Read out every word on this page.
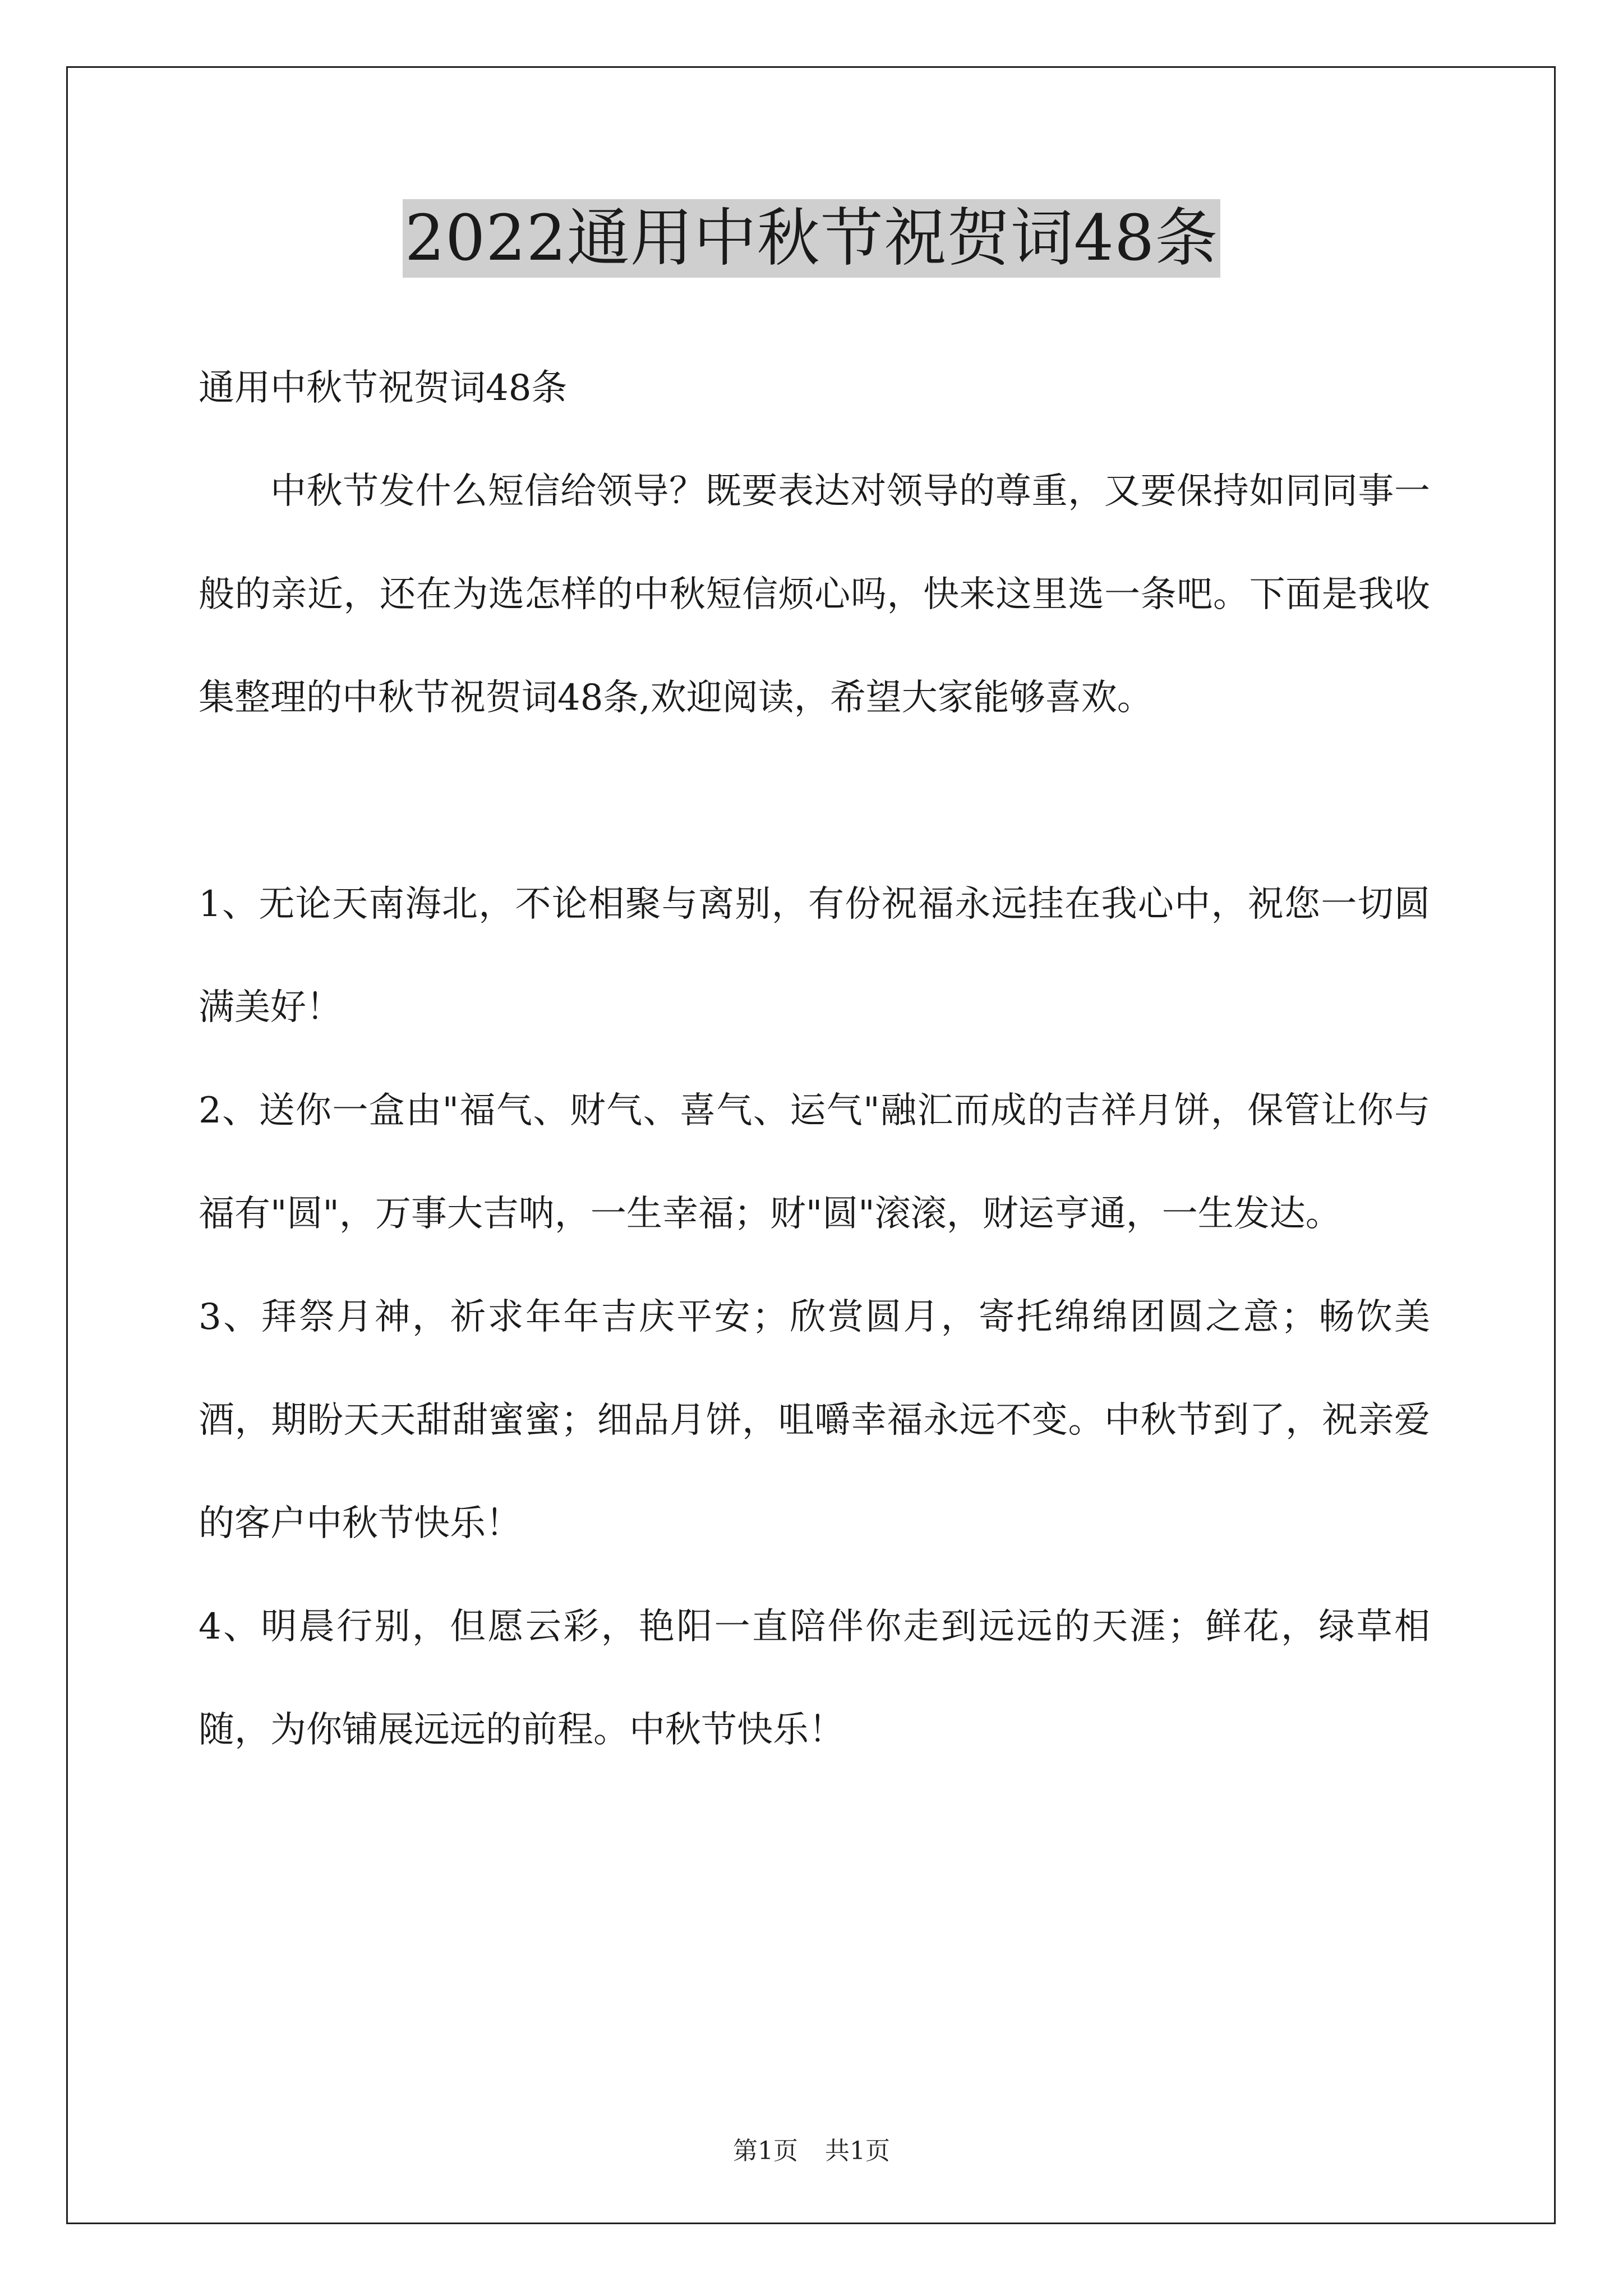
2022通用中秋节祝贺词48条

通用中秋节祝贺词48条

中秋节发什么短信给领导？既要表达对领导的尊重，又要保持如同同事一般的亲近，还在为选怎样的中秋短信烦心吗，快来这里选一条吧。下面是我收集整理的中秋节祝贺词48条,欢迎阅读，希望大家能够喜欢。

1、无论天南海北，不论相聚与离别，有份祝福永远挂在我心中，祝您一切圆满美好！

2、送你一盒由"福气、财气、喜气、运气"融汇而成的吉祥月饼，保管让你与福有"圆"，万事大吉呐，一生幸福；财"圆"滚滚，财运亨通，一生发达。

3、拜祭月神，祈求年年吉庆平安；欣赏圆月，寄托绵绵团圆之意；畅饮美酒，期盼天天甜甜蜜蜜；细品月饼，咀嚼幸福永远不变。中秋节到了，祝亲爱的客户中秋节快乐！

4、明晨行别，但愿云彩，艳阳一直陪伴你走到远远的天涯；鲜花，绿草相随，为你铺展远远的前程。中秋节快乐！

第1页 共1页
